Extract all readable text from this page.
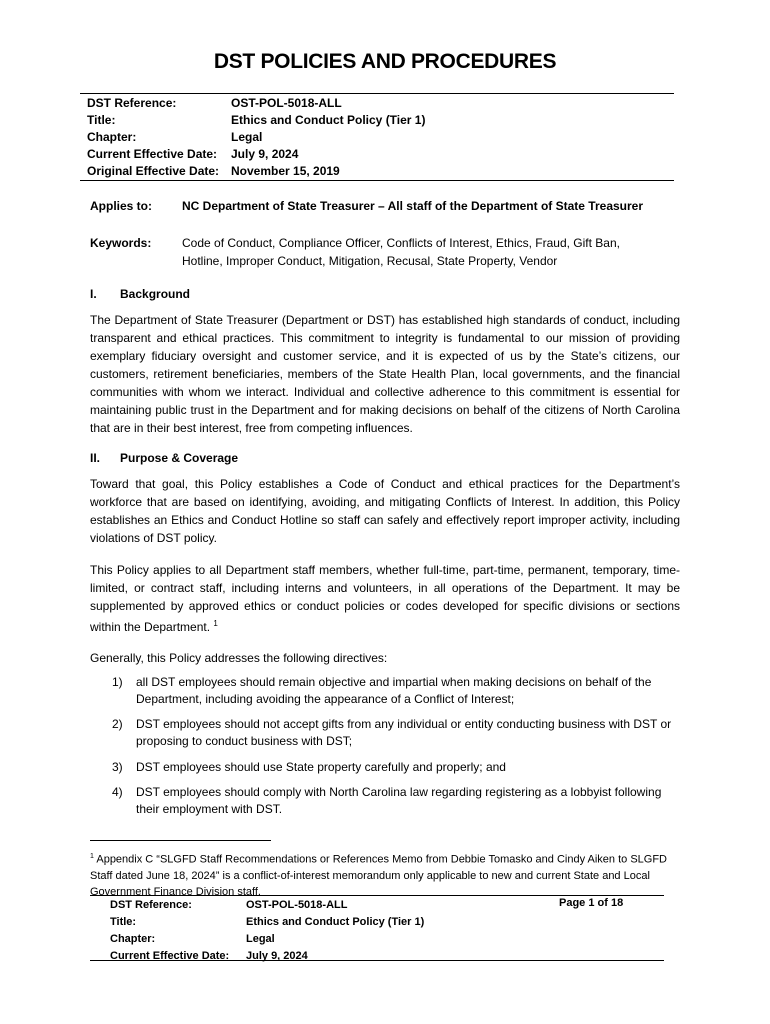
DST POLICIES AND PROCEDURES
DST Reference:	OST-POL-5018-ALL
Title:	Ethics and Conduct Policy (Tier 1)
Chapter:	Legal
Current Effective Date:	July 9, 2024
Original Effective Date: November 15, 2019
Applies to:	NC Department of State Treasurer – All staff of the Department of State Treasurer
Keywords:	Code of Conduct, Compliance Officer, Conflicts of Interest, Ethics, Fraud, Gift Ban, Hotline, Improper Conduct, Mitigation, Recusal, State Property, Vendor
I.	Background
The Department of State Treasurer (Department or DST) has established high standards of conduct, including transparent and ethical practices. This commitment to integrity is fundamental to our mission of providing exemplary fiduciary oversight and customer service, and it is expected of us by the State’s citizens, our customers, retirement beneficiaries, members of the State Health Plan, local governments, and the financial communities with whom we interact. Individual and collective adherence to this commitment is essential for maintaining public trust in the Department and for making decisions on behalf of the citizens of North Carolina that are in their best interest, free from competing influences.
II.	Purpose & Coverage
Toward that goal, this Policy establishes a Code of Conduct and ethical practices for the Department’s workforce that are based on identifying, avoiding, and mitigating Conflicts of Interest. In addition, this Policy establishes an Ethics and Conduct Hotline so staff can safely and effectively report improper activity, including violations of DST policy.
This Policy applies to all Department staff members, whether full-time, part-time, permanent, temporary, time-limited, or contract staff, including interns and volunteers, in all operations of the Department. It may be supplemented by approved ethics or conduct policies or codes developed for specific divisions or sections within the Department. $^1$
Generally, this Policy addresses the following directives:
1)	all DST employees should remain objective and impartial when making decisions on behalf of the Department, including avoiding the appearance of a Conflict of Interest;
2)	DST employees should not accept gifts from any individual or entity conducting business with DST or proposing to conduct business with DST;
3)	DST employees should use State property carefully and properly; and
4)	DST employees should comply with North Carolina law regarding registering as a lobbyist following their employment with DST.
$^1$ Appendix C “SLGFD Staff Recommendations or References Memo from Debbie Tomasko and Cindy Aiken to SLGFD Staff dated June 18, 2024” is a conflict-of-interest memorandum only applicable to new and current State and Local Government Finance Division staff.
DST Reference:	OST-POL-5018-ALL
Title:	Ethics and Conduct Policy (Tier 1)
Chapter:	Legal
Current Effective Date:	July 9, 2024
Page 1 of 18
